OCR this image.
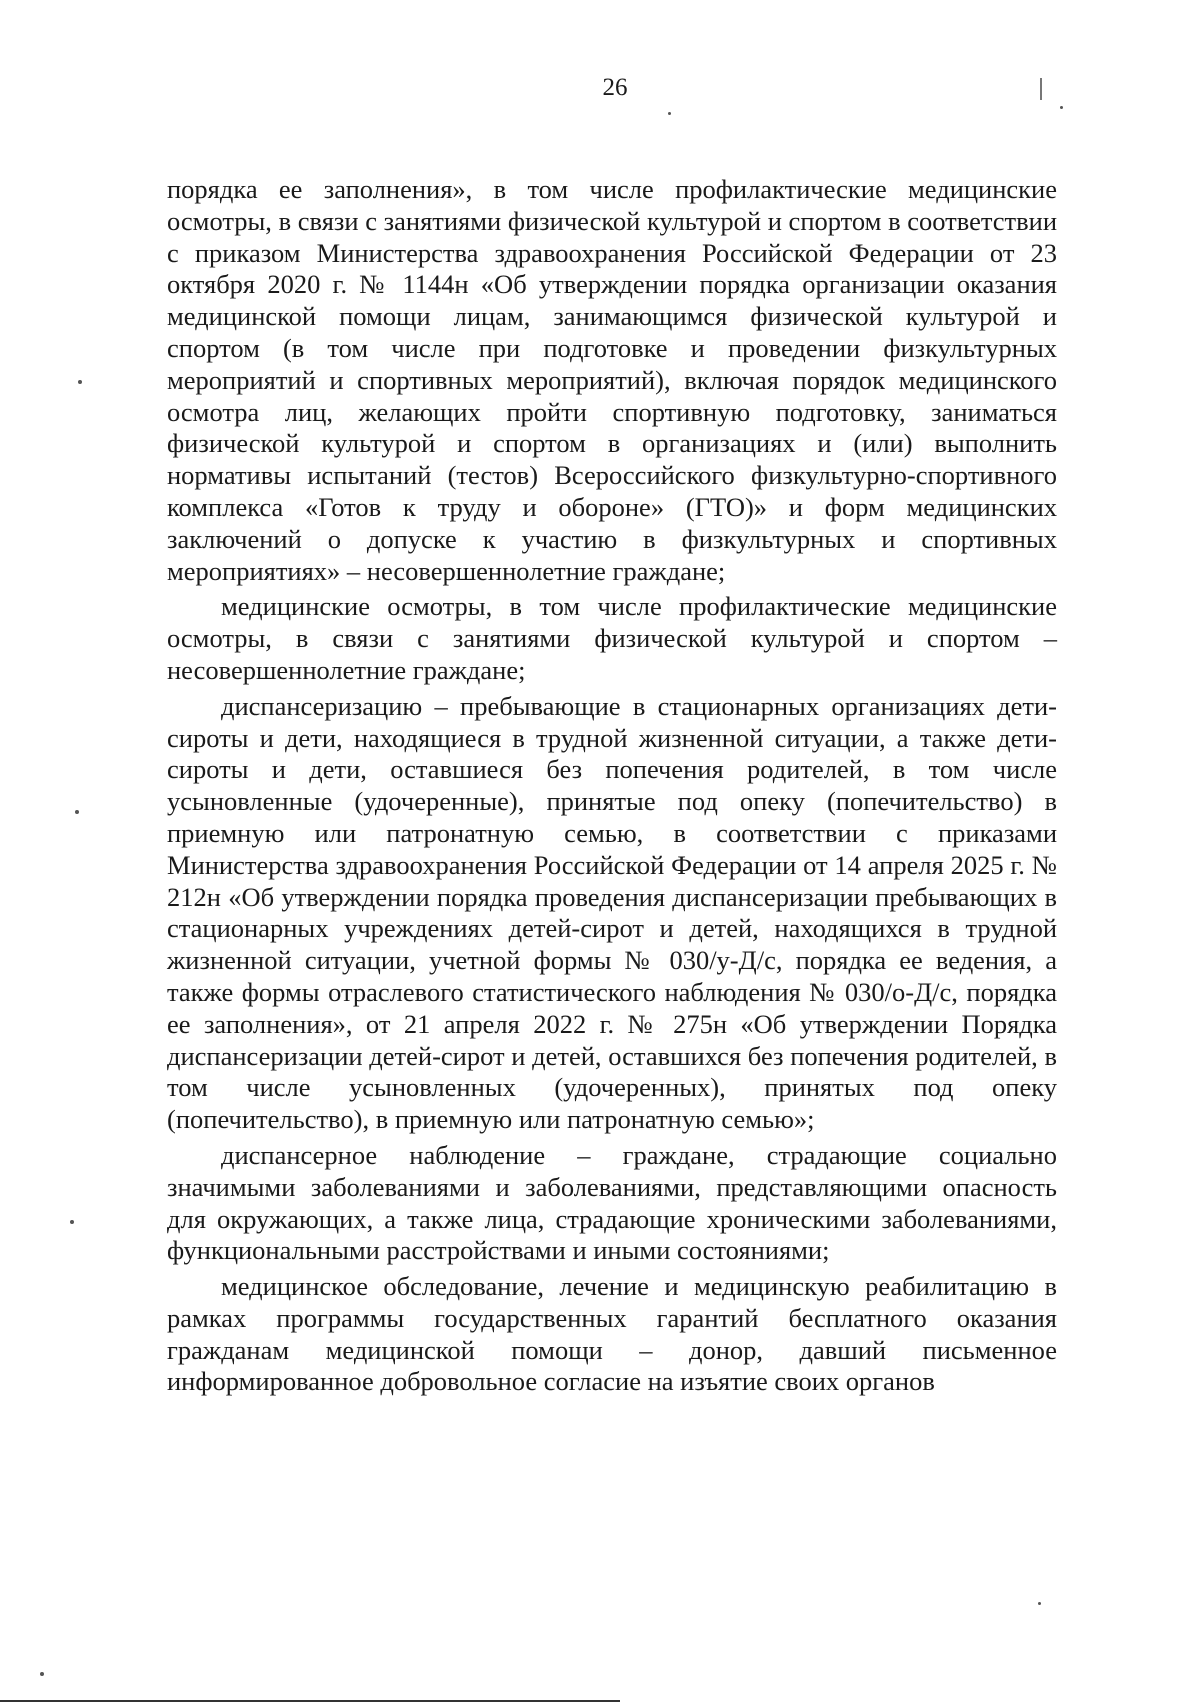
26

порядка ее заполнения», в том числе профилактические медицинские осмотры, в связи с занятиями физической культурой и спортом в соответствии с приказом Министерства здравоохранения Российской Федерации от 23 октября 2020 г. № 1144н «Об утверждении порядка организации оказания медицинской помощи лицам, занимающимся физической культурой и спортом (в том числе при подготовке и проведении физкультурных мероприятий и спортивных мероприятий), включая порядок медицинского осмотра лиц, желающих пройти спортивную подготовку, заниматься физической культурой и спортом в организациях и (или) выполнить нормативы испытаний (тестов) Всероссийского физкультурно-спортивного комплекса «Готов к труду и обороне» (ГТО)» и форм медицинских заключений о допуске к участию в физкультурных и спортивных мероприятиях» – несовершеннолетние граждане;

медицинские осмотры, в том числе профилактические медицинские осмотры, в связи с занятиями физической культурой и спортом – несовершеннолетние граждане;

диспансеризацию – пребывающие в стационарных организациях дети-сироты и дети, находящиеся в трудной жизненной ситуации, а также дети-сироты и дети, оставшиеся без попечения родителей, в том числе усыновленные (удочеренные), принятые под опеку (попечительство) в приемную или патронатную семью, в соответствии с приказами Министерства здравоохранения Российской Федерации от 14 апреля 2025 г. № 212н «Об утверждении порядка проведения диспансеризации пребывающих в стационарных учреждениях детей-сирот и детей, находящихся в трудной жизненной ситуации, учетной формы № 030/у-Д/с, порядка ее ведения, а также формы отраслевого статистического наблюдения № 030/о-Д/с, порядка ее заполнения», от 21 апреля 2022 г. № 275н «Об утверждении Порядка диспансеризации детей-сирот и детей, оставшихся без попечения родителей, в том числе усыновленных (удочеренных), принятых под опеку (попечительство), в приемную или патронатную семью»;

диспансерное наблюдение – граждане, страдающие социально значимыми заболеваниями и заболеваниями, представляющими опасность для окружающих, а также лица, страдающие хроническими заболеваниями, функциональными расстройствами и иными состояниями;

медицинское обследование, лечение и медицинскую реабилитацию в рамках программы государственных гарантий бесплатного оказания гражданам медицинской помощи – донор, давший письменное информированное добровольное согласие на изъятие своих органов
